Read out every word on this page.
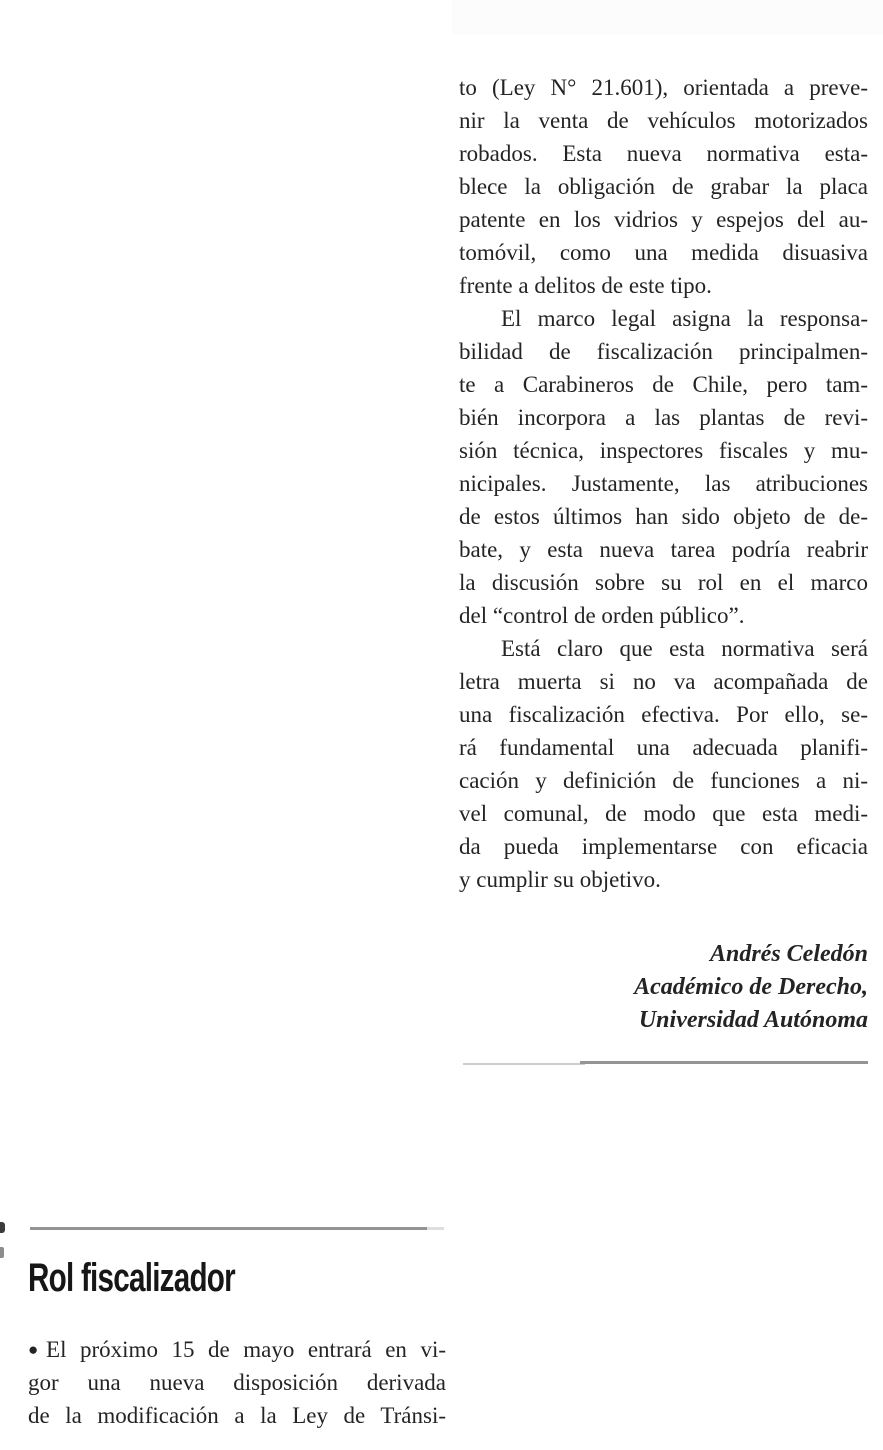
to (Ley N° 21.601), orientada a preve-
nir la venta de vehículos motorizados
robados. Esta nueva normativa esta-
blece la obligación de grabar la placa
patente en los vidrios y espejos del au-
tomóvil, como una medida disuasiva
frente a delitos de este tipo.
El marco legal asigna la responsa-
bilidad de fiscalización principalmen-
te a Carabineros de Chile, pero tam-
bién incorpora a las plantas de revi-
sión técnica, inspectores fiscales y mu-
nicipales. Justamente, las atribuciones
de estos últimos han sido objeto de de-
bate, y esta nueva tarea podría reabrir
la discusión sobre su rol en el marco
del “control de orden público”.
Está claro que esta normativa será
letra muerta si no va acompañada de
una fiscalización efectiva. Por ello, se-
rá fundamental una adecuada planifi-
cación y definición de funciones a ni-
vel comunal, de modo que esta medi-
da pueda implementarse con eficacia
y cumplir su objetivo.
Andrés Celedón
Académico de Derecho,
Universidad Autónoma
Rol fiscalizador
●El próximo 15 de mayo entrará en vi-
gor una nueva disposición derivada
de la modificación a la Ley de Tránsi-
